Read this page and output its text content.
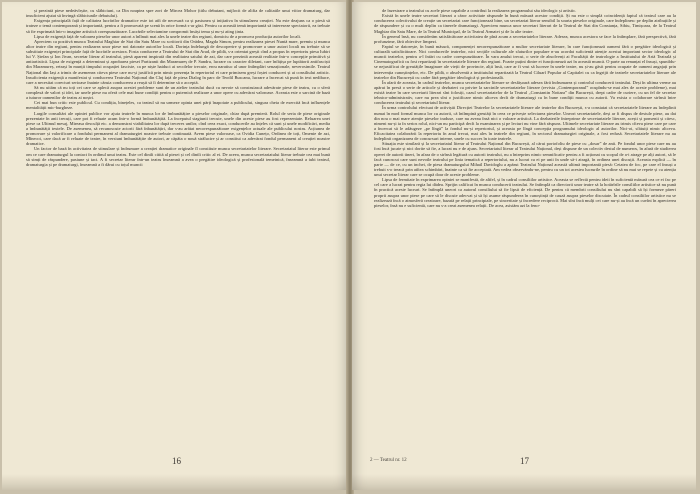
și prezintă piese nedeăvîrșite, cu slăbiciuni, ca Din noaptea spre zori de Mircea Mohor (titlu debutant, mijlocit de alifia de calitatile unui viitor dramaturg, dar insuficient ajutat să învingă slăbiciunile debutului).

Exigența principială fațâ de calitatea lucrărilor dramatice este tot atît de necesară ca și pasiunea și inițiativa în stimularea creației. Nu este deajuns ca o piesă să trateze o temă contemporană și importantă, pentru a fi promovată pe scenă în orice formă s-ar găsi. Pentru ca aceastâ temă importantă să intereseze spectatorii, ea trebuie să fie exprimată într-o imagine artistică corespunzătoare. Lucrările selectamine compromit însăși tema și nu-și ating ținta.

Lipsa de exigență față de valoarea pieselor unor autori a înlînuit mai ales la unele teatre din regiuni, domiciu de a promova producția autorilor locali.

Apreciem ca pozitivă munca Teatrului Maghiar de Stat din Satu Mare cu scriitorii din Orădea, Magda Simon, pentru realizarea piesei Nuntă mare, premiu și munca altor teatre din regiuni, pentru realizarea unor piese noi datorate autorilor locali. Dorința îndelungă de descoperire și promovare a unor autori locali nu trebuie să se substituie exigenței principiale față de lucrările acestora. Fosta conducere a Teatrului de Stat din Arad, de pildă, s-a orientat greșit cînd a propus în repertoriu piesa Iubiri lui V. Ștefan și Ion Jivan, secretar literar al teatrului, piesă aparent inspirată din realitatea satului de azi, dar care prezintă această realitate într-o concepție primitivă și antiartistică. Lipsa de exigență a determinat și aprobarea piesei Partizanii din Maramureș de P. Sandru, lucrare cu caracter diletant, care înfățișa pe luptătorii antifasciști din Maramureș, retrași în munții timpului ocupației fasciste, ca pe niște haiduci ai secolelor trecute, erou naratiuc al unor întîmplări senzaționale, neverosimile. Teatrul Național din Iași a trimis de asemenea citeva piese care nu-și justifică prin nimic prezența în repertoriul ei care primisem greși foștei conduceri și ai consiliului artistic. Insuficienta exigență a manifestat și conducerea Teatrului Național din Cluj față de piesa Dialog în parc de Teodil Buscanu, lucrare a încercat să pună în text nedibace, care a necesitat corecturi serioase înainte căruia conducerea a reușit să îi determine să o acceptă.

Să nu uităm că nu toți cei care se aplecă asupra acestei probleme sunt de un atelier teatrului ducă cu nevoie să construiască adevărate piese de teatru, cu o sferă complexă de valori și idei, iar unele piese nu oferă cele mai bune condiții pentru o puternică realizare a unor opere cu adevărat valoroase. Aceasta este o sarcină de bază a tuturor oamenilor de teatru ai noștri.

Cei mai bun critic este publicul. Cu condiția, binețeles, ca teatrul să nu urmeze opinia unei părți înapoiate a publicului, singura cheia de exercită încă influențele mentalității mic-burgheze.

Largile consultări ale opiniei publice vor ajuta teatrele în munca lor de îmbunătățire a pieselor originale, chiar după premieră. Rolul de seria de piese originale prezentate în anii trecuți, care pot fi reluate acum într-o formă îmbunătățită. La începutul stagiunii trecute, unele din aceste piese au fost reprezentate. Reluarea unei piese ca Ultimul mesaj, Mireasa desculță etc. a demonstrat viabilitatea lor după treceres unilor, cînd ceea exact, conducerile au înțeles că sunt și unele modificări, media a îmbunătățit textele. De asemenea, să recunoscute actorii fără înbunătățiri, dar s-au arătat necorespunzătoare exigențelor actuale ale publicului nostru. Acțiunea de promovare și valorificare a fondului permanent al dramaturgiei noastre trebuie continuată. Avem piese valoroase, ca Ovidia Cunețo, Ordinea de toți, Omenie de azi, Mînecoi, care dacă ar fi reluate de teatre, în versiuni îmbunătățite de autori, ar căpăta o nouă strălucire și ar constitui ca adevărat fondul permanent al creației noastre dramatice.

Un factor de bază în activitatea de stimulare și îndrumare a creației dramatice originale îl constituie munca secretariatelor literare. Secretariatul literar este primul om ce care dramaturgul la contact în ordinul unui teatru. Este cel dintîi citită al piesei și cel dintîi critic al ei. De aceea, munca secretariatului literar trebuie cea mai bună să simți de răspundere, pasiune și tact. A fi secretar literar într-un teatru înseamnă a avea o pregătire ideologică și profesională temeinică, înseamnă a iubi teatrul, dramaturgia și pe dramaturgi, înseamnă a fi dârui cu toțul muncii

16

de înzestrare a teatrului cu acele piese capabile a contribui la realizarea programului său ideologic și artistic.

Există în unele teatre secretari literari a căror activitate răspunde în bună măsură acestor condiții. Și nu este o simplă coincidență faptul că teatrul care au la conducerea colectivului de creație un secretariat care funcționează bine, un secretariat literar sensibil la soarta pieselor originale, care îndeplinesc pe deplin atribuțiile și de răspundere și cu o mult deplin ca tinerele dramaturgi. Apreciem munca unor secretari literari de la Teatrul de Stat din Constanța, Sibiu, Timișoara, de la Teatrul Maghiar din Satu Mare, de la Teatrul Municipal, de la Teatrul Armatei și de la alte teatre.

În general însă, nu considerăm satisfăcătoare activitatea de pînă acum a secretariatelor literare. Adesea, munca acestora se face la întîmplare, fără perspectivă, fără profunzime, fără obiective limpezi.

Faptul se datorește, în bună măsură, componenței necorespunzătoare a multor secretariate literare, în care funcționează oameni fără o pregătire ideologică și culturală satisfăcătoare. Nici conducerile teatrelor, nici secțiile culturale ale sfaturilor populare n-au acordat suficientă atenție acestui important sector ideologic al muncii teatrelor, pentru a-l întări cu cadre corespunzătoare. În vara anului trecut, o serie de absolvenți ai Facultății de teatrologie a Institutului de Artă Teatrală și Cinematografică cu fost repartizați în secretariatele literare din regiuni. Foarte puțini dintre ei funcționează azi în această muncă. O parte au renunțat el însuși, spuniîdu-se nejustificat de greutățile îmaginare ale vieții de provincie, alții însă, care ar fi vrut să lucreze în unele teatre, nu și-au găsit pentru ocupate de oameni angajați prin intervenția cunoștințelor, etc. De pildă, o absolventă a institutului repartizată la Teatrul Ciluarî Popular al Capitalei cu ca îngrijit de teatrele secretariatelor literare ale teatrelor din București cu cadre fără pregătire ideologică și profesională.

În afară de aceasta, în cadrul teatrelor, munca secretariatelor literare se desfășoară adesea fără îndrumarea și controlul conducerii teatrului. Deși în ultima vreme au apărut în presă o serie de articole și dezbateri cu privire la sarcinile secretariatelor literare (revista „Contemporanul” ocupîndu-se mai ales de aceste probleme), mai există teatre în care secretarii literari sînt folosiți, cazul secretariatelor de la Teatrul „Constantin Nottara” din București, drept cadre de curiere, cu un fel de secretar tehnico-administrativ, care nu prea sînt o justificare nimic altceva decît de dramaturgi cu în bune condiții munca cu autorii. Va exista o colaborare strînsă între conducerea teatrului și secretariatul literar.

În urma controlului efectuat de activiștii Direcției Teatrelor la secretariatele literare ale teatrelor din București, s-a constatat că secretariatele literare au îndeplinit numai în mod formal munca lor cu autorii, că întîmpină greutăți în ceea ce privește selectarea pieselor. Uneori secretariatele, deși ar fi dispus de destule piese, au dat din nou o mai mare atenție pieselor traduse, care nu aveau însă nici o valoare artistică. La dezbaterile întreprinse de secretariatele literare, acești și ponsenii și citesc, nimeni nu-și ia în serios rolul, nici-un nu participă decît la examinarea și pe lecturi nu vine fără răspuns. Ultimele secretariate literare au trimis cîteva piese care pe care a încercat să le adăugeze „pe lîngă” la fondul nu-și repertoriul, și aceasta pe lîngă concepția programului ideologic al autorilor. Nici-oi, sfătuiți nimic altceva. Eficacitatea colaborării la repertoriu în anul trecut, mai ales în teatrele din regiuni, în sectorul dramaturgiei originale, a fost redusă. Secretariatele literare nu au îndeplinit organizarea de concursuri interne, unele cu succes în toate teatrele.

Situația este similară și la secretariatul literar al Teatrului Național din București, al cărui portofoliu de piese cu „dosar” de anii. Pe fondul unor piese care nu au fost încă jucate și nici dorite să fie, a lucrat nu e de ajuns. Secretariatul literar al Teatrului Național, deși dispune de un colectiv destul de numeros, în afară de studierea operei de autorii tineri, în afara de o strînsă legătură cu autorii teatrului, nu a întreprins nimic semnificativ pentru a fi acționat cu scopul de a-i atrage pe alți autori, să le facă cunoscut care sunt nevoile teatrului pe linia tematică a repertoriului, nu a lucrat cu ei pe unii în unde să-i atragă, în ordinea unei discuții. Aceasta explică — în parte — de ce, cu un inchei, de piesa dramaturgului Mihail Davidoglu a apărut Teatrului Național această ultimă importantă piesă: Cetatea de foc, pe care el însuși a trebuit s-o treacă prin atîtea schimbări, înainte ca să fie acceptată. Am vedea observăndu-ne, pentru cu un tot acestea lucrurile în ordine să nu mai se repete și cu atenția unui secretar literar care se ocupă doar de aceste probleme.

Lipsa de fermitate în exprimarea opiniei se manifestă, de altfel, și în cadrul consiliilor artistice. Aceasta se reflectă pentru ideii în suficientă măsură cea ce ei fac pe cel care a lucrat pentru regia lui dădea. Sprijin calificat în munca conducerii teatrului. Se întîmplă ca directorii unor teatre să la hotărîrile consiliilor artistice să nu pună în practică aceste lucruri. Se întîmplă uneori ca autorul consiliului să fie lipsit de eficiență. De pentru că membrii consiliului nu sînt capabili să își formeze păreri proprii asupra unor piese pe care să le discute adecvat și să își asume răspunderea în cunoștință de cauză asupra pieselor discutate. În cadrul consiliilor artistice nu se realizează încă o atmosferă creatoare, bazată pe relații principiale, pe sinceritate și încredere reciprocă. Mai sînt încă mulți cei care nu-și au încă un cuvînt în aprecierea pieselor, însă nu e suficientă, care nu s-a creat asemenea relații. De acea, asistăm azi la feno-

2 — Teatrul nr. 12	17
